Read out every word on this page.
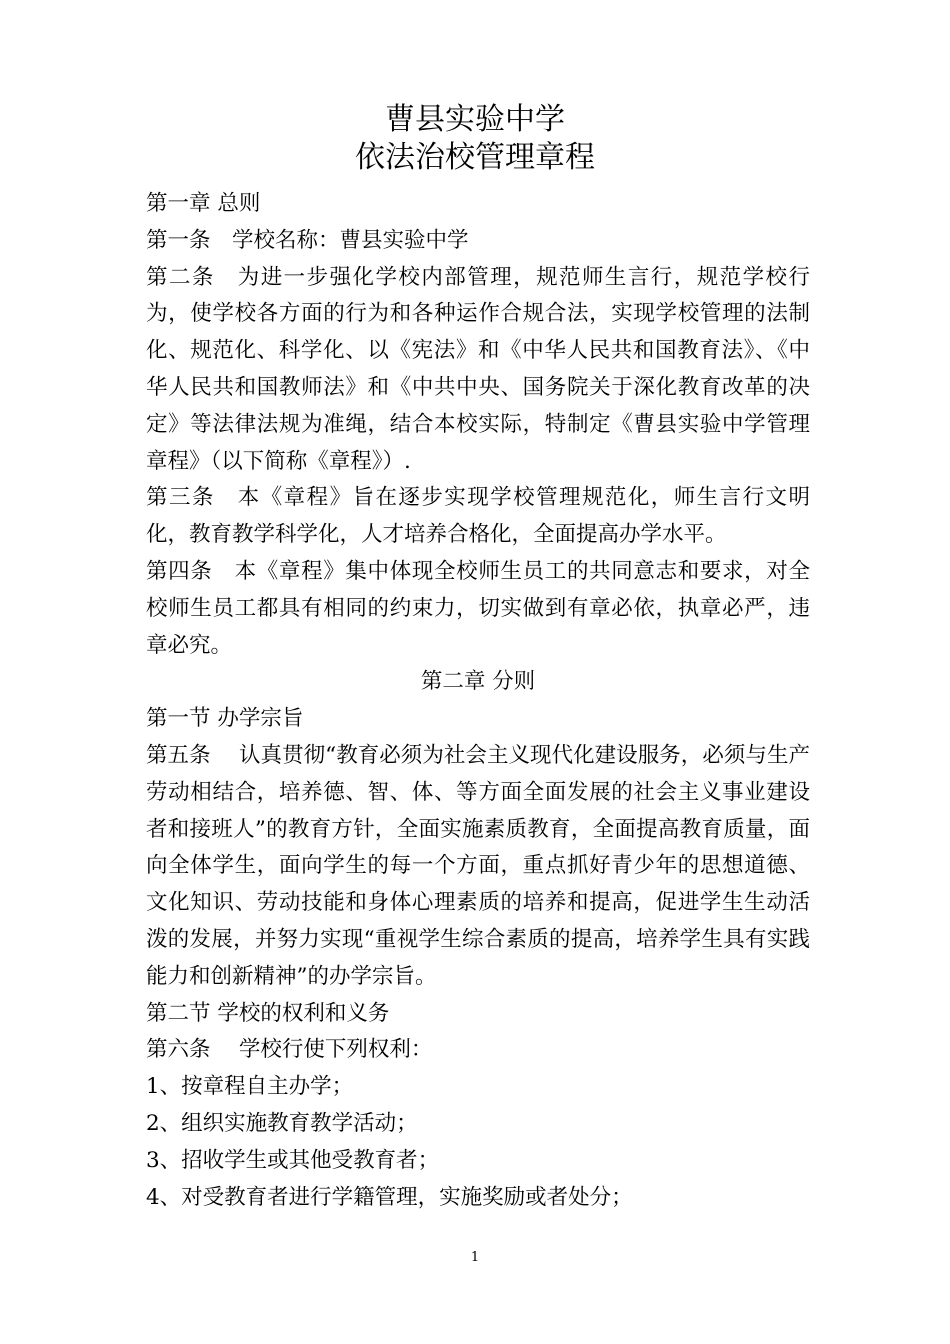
曹县实验中学
依法治校管理章程

第一章 总则

第一条　学校名称：曹县实验中学

第二条　为进一步强化学校内部管理，规范师生言行，规范学校行为，使学校各方面的行为和各种运作合规合法，实现学校管理的法制化、规范化、科学化、以《宪法》和《中华人民共和国教育法》、《中华人民共和国教师法》和《中共中央、国务院关于深化教育改革的决定》等法律法规为准绳，结合本校实际，特制定《曹县实验中学管理章程》（以下简称《章程》）.

第三条　本《章程》旨在逐步实现学校管理规范化，师生言行文明化，教育教学科学化，人才培养合格化，全面提高办学水平。

第四条　本《章程》集中体现全校师生员工的共同意志和要求，对全校师生员工都具有相同的约束力，切实做到有章必依，执章必严，违章必究。

第二章 分则

第一节 办学宗旨

第五条　 认真贯彻“教育必须为社会主义现代化建设服务，必须与生产劳动相结合，培养德、智、体、等方面全面发展的社会主义事业建设者和接班人”的教育方针，全面实施素质教育，全面提高教育质量，面向全体学生，面向学生的每一个方面，重点抓好青少年的思想道德、文化知识、劳动技能和身体心理素质的培养和提高，促进学生生动活泼的发展，并努力实现“重视学生综合素质的提高，培养学生具有实践能力和创新精神”的办学宗旨。

第二节 学校的权利和义务

第六条　 学校行使下列权利：

1、按章程自主办学；

2、组织实施教育教学活动；

3、招收学生或其他受教育者；

4、对受教育者进行学籍管理，实施奖励或者处分；

1
